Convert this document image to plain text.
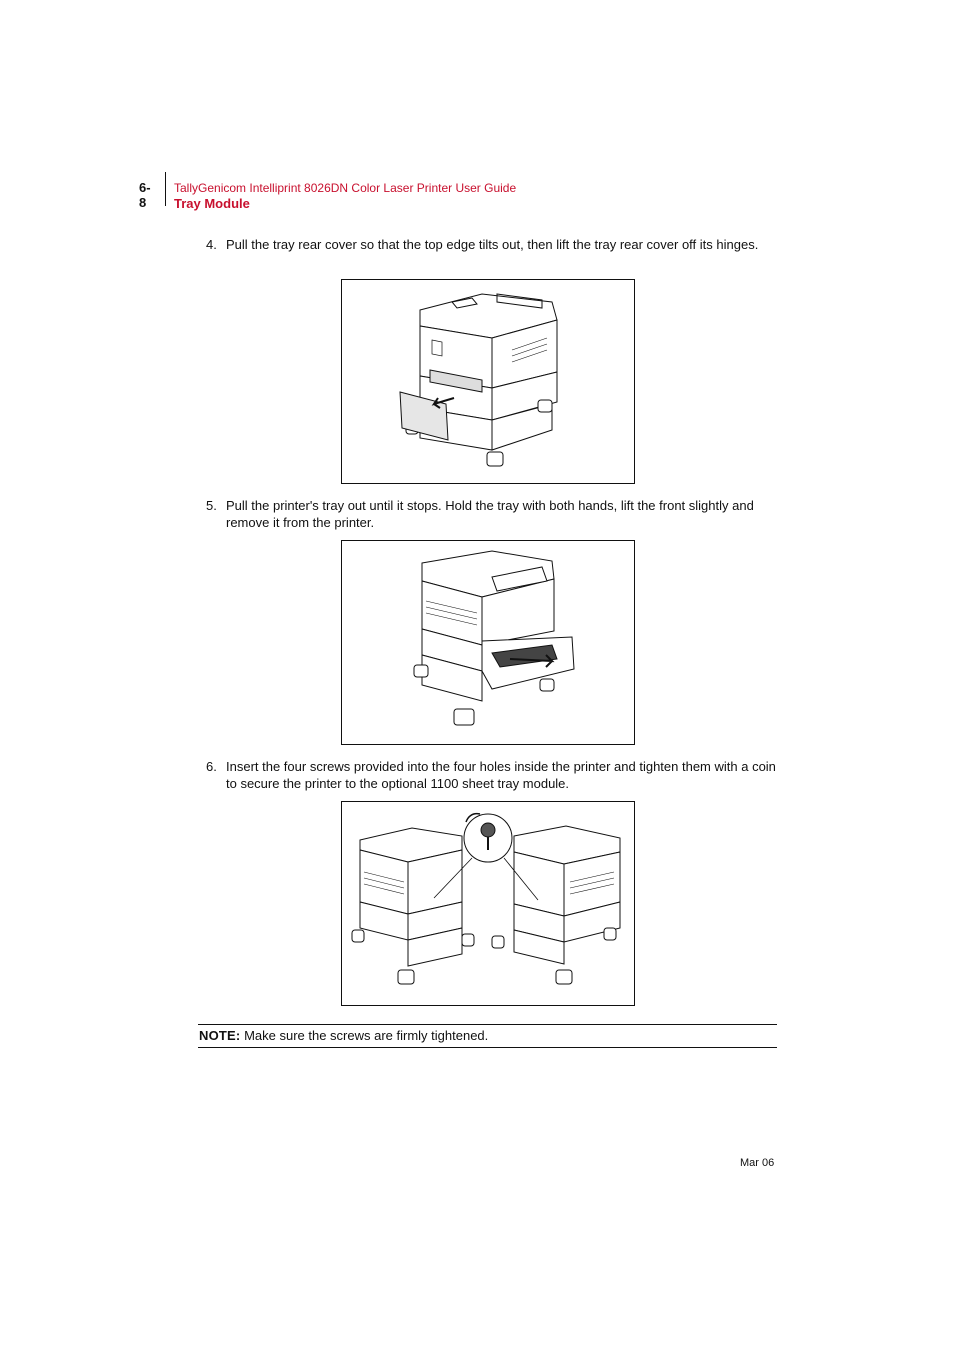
6-8
TallyGenicom Intelliprint 8026DN Color Laser Printer User Guide
Tray Module
4. Pull the tray rear cover so that the top edge tilts out, then lift the tray rear cover off its hinges.
5. Pull the printer's tray out until it stops. Hold the tray with both hands, lift the front slightly and remove it from the printer.
6. Insert the four screws provided into the four holes inside the printer and tighten them with a coin to secure the printer to the optional 1100 sheet tray module.
NOTE: Make sure the screws are firmly tightened.
Mar 06
